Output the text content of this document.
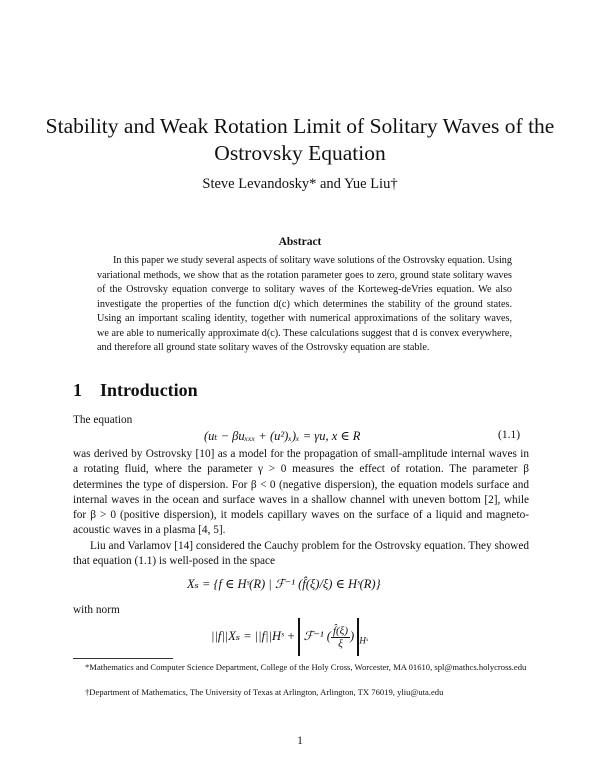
Stability and Weak Rotation Limit of Solitary Waves of the Ostrovsky Equation
Steve Levandosky* and Yue Liu†
Abstract
In this paper we study several aspects of solitary wave solutions of the Ostrovsky equation. Using variational methods, we show that as the rotation parameter goes to zero, ground state solitary waves of the Ostrovsky equation converge to solitary waves of the Korteweg-deVries equation. We also investigate the properties of the function d(c) which determines the stability of the ground states. Using an important scaling identity, together with numerical approximations of the solitary waves, we are able to numerically approximate d(c). These calculations suggest that d is convex everywhere, and therefore all ground state solitary waves of the Ostrovsky equation are stable.
1 Introduction
The equation
(uₜ − βuₓₓₓ + (u²)ₓ)ₓ = γu, x ∈ R	(1.1)
was derived by Ostrovsky [10] as a model for the propagation of small-amplitude internal waves in a rotating fluid, where the parameter γ > 0 measures the effect of rotation. The parameter β determines the type of dispersion. For β < 0 (negative dispersion), the equation models surface and internal waves in the ocean and surface waves in a shallow channel with uneven bottom [2], while for β > 0 (positive dispersion), it models capillary waves on the surface of a liquid and magneto-acoustic waves in a plasma [4, 5].
Liu and Varlamov [14] considered the Cauchy problem for the Ostrovsky equation. They showed that equation (1.1) is well-posed in the space
Xₛ = {f ∈ Hˢ(R) | ℱ⁻¹ (f̂(ξ)/ξ) ∈ Hˢ(R)}
with norm
||f||Xₛ = ||f||Hˢ + ℱ⁻¹ ( $\frac{f̂(\xi)}{\xi}$ ) $_{Hˢ}$
*Mathematics and Computer Science Department, College of the Holy Cross, Worcester, MA 01610, spl@mathcs.holycross.edu
†Department of Mathematics, The University of Texas at Arlington, Arlington, TX 76019, yliu@uta.edu
1
